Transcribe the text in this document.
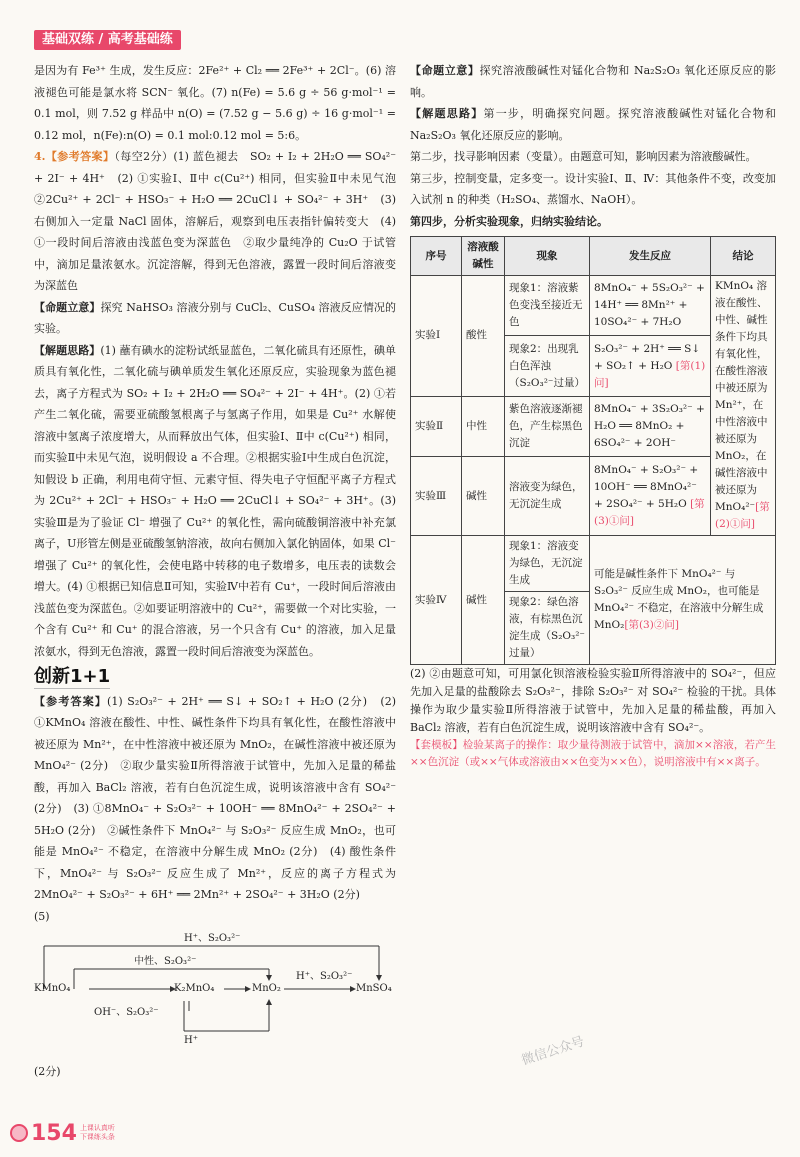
基础双练 / 高考基础练

是因为有 Fe³⁺ 生成，发生反应：2Fe²⁺ + Cl₂ ══ 2Fe³⁺ + 2Cl⁻。(6) 溶液褪色可能是氯水将 SCN⁻ 氧化。(7) n(Fe) = 5.6 g ÷ 56 g·mol⁻¹ = 0.1 mol，则 7.52 g 样品中 n(O) = (7.52 g − 5.6 g) ÷ 16 g·mol⁻¹ = 0.12 mol，n(Fe):n(O) = 0.1 mol:0.12 mol = 5:6。

4.【参考答案】（每空2分）(1) 蓝色褪去　SO₂ + I₂ + 2H₂O ══ SO₄²⁻ + 2I⁻ + 4H⁺　(2) ①实验Ⅰ、Ⅱ中 c(Cu²⁺) 相同，但实验Ⅱ中未见气泡　②2Cu²⁺ + 2Cl⁻ + HSO₃⁻ + H₂O ══ 2CuCl↓ + SO₄²⁻ + 3H⁺　(3) 右侧加入一定量 NaCl 固体，溶解后，观察到电压表指针偏转变大　(4) ①一段时间后溶液由浅蓝色变为深蓝色　②取少量纯净的 Cu₂O 于试管中，滴加足量浓氨水。沉淀溶解，得到无色溶液，露置一段时间后溶液变为深蓝色

【命题立意】探究 NaHSO₃ 溶液分别与 CuCl₂、CuSO₄ 溶液反应情况的实验。

【解题思路】(1) 蘸有碘水的淀粉试纸显蓝色，二氧化硫具有还原性，碘单质具有氧化性，二氧化硫与碘单质发生氧化还原反应，实验现象为蓝色褪去，离子方程式为 SO₂ + I₂ + 2H₂O ══ SO₄²⁻ + 2I⁻ + 4H⁺。(2) ①若产生二氧化硫，需要亚硫酸氢根离子与氢离子作用，如果是 Cu²⁺ 水解使溶液中氢离子浓度增大，从而释放出气体，但实验Ⅰ、Ⅱ中 c(Cu²⁺) 相同，而实验Ⅱ中未见气泡，说明假设 a 不合理。②根据实验Ⅰ中生成白色沉淀，知假设 b 正确，利用电荷守恒、元素守恒、得失电子守恒配平离子方程式为 2Cu²⁺ + 2Cl⁻ + HSO₃⁻ + H₂O ══ 2CuCl↓ + SO₄²⁻ + 3H⁺。(3) 实验Ⅲ是为了验证 Cl⁻ 增强了 Cu²⁺ 的氧化性，需向硫酸铜溶液中补充氯离子，U形管左侧是亚硫酸氢钠溶液，故向右侧加入氯化钠固体，如果 Cl⁻ 增强了 Cu²⁺ 的氧化性，会使电路中转移的电子数增多，电压表的读数会增大。(4) ①根据已知信息Ⅱ可知，实验Ⅳ中若有 Cu⁺，一段时间后溶液由浅蓝色变为深蓝色。②如要证明溶液中的 Cu²⁺，需要做一个对比实验，一个含有 Cu²⁺ 和 Cu⁺ 的混合溶液，另一个只含有 Cu⁺ 的溶液，加入足量浓氨水，得到无色溶液，露置一段时间后溶液变为深蓝色。

创新1+1

【参考答案】(1) S₂O₃²⁻ + 2H⁺ ══ S↓ + SO₂↑ + H₂O (2分)　(2) ①KMnO₄ 溶液在酸性、中性、碱性条件下均具有氧化性，在酸性溶液中被还原为 Mn²⁺，在中性溶液中被还原为 MnO₂，在碱性溶液中被还原为 MnO₄²⁻ (2分)　②取少量实验Ⅱ所得溶液于试管中，先加入足量的稀盐酸，再加入 BaCl₂ 溶液，若有白色沉淀生成，说明该溶液中含有 SO₄²⁻ (2分)　(3) ①8MnO₄⁻ + S₂O₃²⁻ + 10OH⁻ ══ 8MnO₄²⁻ + 2SO₄²⁻ + 5H₂O (2分)　②碱性条件下 MnO₄²⁻ 与 S₂O₃²⁻ 反应生成 MnO₂，也可能是 MnO₄²⁻ 不稳定，在溶液中分解生成 MnO₂ (2分)　(4) 酸性条件下，MnO₄²⁻ 与 S₂O₃²⁻ 反应生成了 Mn²⁺，反应的离子方程式为 2MnO₄²⁻ + S₂O₃²⁻ + 6H⁺ ══ 2Mn²⁺ + 2SO₄²⁻ + 3H₂O (2分)

(5)

KMnO₄	K₂MnO₄	MnO₂	MnSO₄
H⁺、S₂O₃²⁻
中性、S₂O₃²⁻
H⁺、S₂O₃²⁻
OH⁻、S₂O₃²⁻
H⁺

(2分)

【命题立意】探究溶液酸碱性对锰化合物和 Na₂S₂O₃ 氧化还原反应的影响。

【解题思路】第一步，明确探究问题。探究溶液酸碱性对锰化合物和 Na₂S₂O₃ 氧化还原反应的影响。

第二步，找寻影响因素（变量）。由题意可知，影响因素为溶液酸碱性。

第三步，控制变量，定多变一。设计实验Ⅰ、Ⅱ、Ⅳ：其他条件不变，改变加入试剂 n 的种类（H₂SO₄、蒸馏水、NaOH）。

第四步，分析实验现象，归纳实验结论。

序号	溶液酸碱性	现象	发生反应	结论
实验Ⅰ	酸性	现象1：溶液紫色变浅至接近无色	8MnO₄⁻ + 5S₂O₃²⁻ + 14H⁺ ══ 8Mn²⁺ + 10SO₄²⁻ + 7H₂O	KMnO₄ 溶液在酸性、中性、碱性条件下均具有氧化性，在酸性溶液中被还原为 Mn²⁺，在中性溶液中被还原为 MnO₂，在碱性溶液中被还原为 MnO₄²⁻[第(2)①问]
		现象2：出现乳白色浑浊（S₂O₃²⁻过量）	S₂O₃²⁻ + 2H⁺ ══ S↓ + SO₂↑ + H₂O [第(1)问]	
实验Ⅱ	中性	紫色溶液逐渐褪色，产生棕黑色沉淀	8MnO₄⁻ + 3S₂O₃²⁻ + H₂O ══ 8MnO₂ + 6SO₄²⁻ + 2OH⁻	
实验Ⅲ	碱性	溶液变为绿色，无沉淀生成	8MnO₄⁻ + S₂O₃²⁻ + 10OH⁻ ══ 8MnO₄²⁻ + 2SO₄²⁻ + 5H₂O [第(3)①问]	
实验Ⅳ	碱性	现象1：溶液变为绿色，无沉淀生成	可能是碱性条件下 MnO₄²⁻ 与 S₂O₃²⁻ 反应生成 MnO₂，也可能是 MnO₄²⁻ 不稳定，在溶液中分解生成 MnO₂[第(3)②问]	
		现象2：绿色溶液，有棕黑色沉淀生成（S₂O₃²⁻过量）		

(2) ②由题意可知，可用氯化钡溶液检验实验Ⅱ所得溶液中的 SO₄²⁻，但应先加入足量的盐酸除去 S₂O₃²⁻，排除 S₂O₃²⁻ 对 SO₄²⁻ 检验的干扰。具体操作为取少量实验Ⅱ所得溶液于试管中，先加入足量的稀盐酸，再加入 BaCl₂ 溶液，若有白色沉淀生成，说明该溶液中含有 SO₄²⁻。

【套模板】检验某离子的操作：取少量待测液于试管中，滴加××溶液，若产生××色沉淀（或××气体或溶液由××色变为××色），说明溶液中有××离子。

微信公众号
154 上课认真听 下课练头条
